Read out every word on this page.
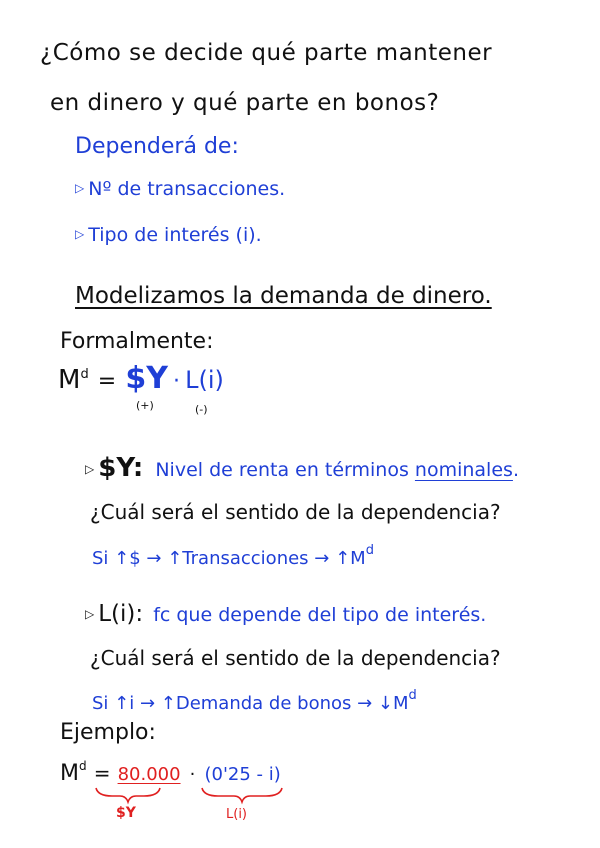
¿Cómo se decide qué parte mantener
en dinero y qué parte en bonos?
Dependerá de:
▷ Nº de transacciones.
▷ Tipo de interés (i).
Modelizamos la demanda de dinero.
Formalmente:
$M^d$ = $Y · L(i)
(+)	(-)
▷ $Y: Nivel de renta en términos nominales.
¿Cuál será el sentido de la dependencia?
Si ↑$ → ↑Transacciones → $↑M^d$
▷ L(i): fc que depende del tipo de interés.
¿Cuál será el sentido de la dependencia?
Si ↑i → ↑Demanda de bonos → $↓M^d$
Ejemplo:
$M^d = 80.000 \cdot (0'25 - i)$
$Y	L(i)
